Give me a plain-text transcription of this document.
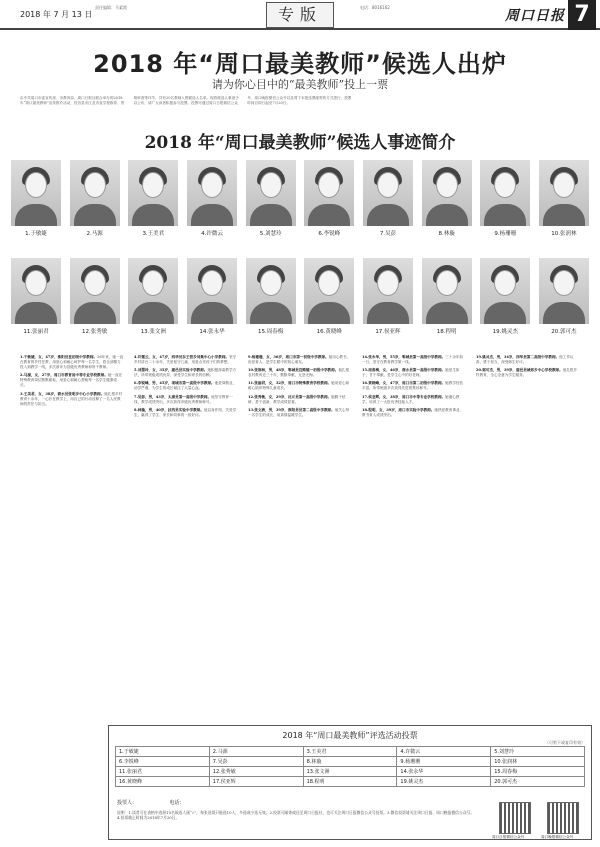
2018 年 7 月 13 日
责任编辑：马素霞	专版	电话：8016162
周口日报 7
2018 年“周口最美教师”候选人出炉
请为你心目中的“最美教师”投上一票
由中共周口市委宣传部、市教育局、周口日报社联合举办的2018年“周口最美教师”宣传推介活动，经各县市区及市直学校推荐、资格审查等环节，共有20名教师入围候选人名单。现将候选人事迹予以公布，请广大读者积极参与投票。投票可通过周口日报微信公众号、周口晚报微信公众号以及剪下本报选票邮寄的方式进行，投票时间自即日起至7月20日。
2018 年“周口最美教师”候选人事迹简介
1.于敏婕	2.马源	3.王美君	4.许微云	5.刘慧玲	6.李锐峰	7.吴彭	8.林璇	9.杨珊珊	10.张润林
11.张丽君	12.张秀敏	13.张文洲	14.张永华	15.周春梅	16.黄晓峰	17.侯亚辉	18.程明	19.姚灵杰	20.郭可杰

1.于敏婕，女，47岁，淮阳县直初级中学教师。26年来，她一直在教育的乡村任教，用爱心和耐心呵护每一名学生，将全部精力投入到教学一线，多次被评为县级优秀教师和骨干教师。

2.马源，女，27岁，周口市教育局中等专业学校教师。她一直在特殊教育岗位默默耕耘，用爱心和耐心帮助每一名学生健康成长。

3.王美君，女，38岁，商水县张明乡中心小学教师。她扎根乡村教育十余年，一心扑在教学上，用自己的行动诠释了一名人民教师的责任与担当。

4.许微云，女，47岁，西华县东王营乡刘集中心小学教师。坚守乡村讲台二十余年，关爱留守儿童，用爱点亮孩子们的梦想。

5.刘慧玲，女，35岁，鹿邑县实验中学教师。她积极探索教学方法，所带班级成绩优异，深受学生和家长的信赖。

6.李锐峰，男，45岁，项城市第一高级中学教师。他爱岗敬业，治学严谨，为学生的成长倾注了大量心血。

7.吴彭，男，43岁，太康县第一高级中学教师。他坚守教育一线，教学成绩突出，多次获得市级优秀教师称号。

8.林璇，男，40岁，扶沟县实验中学教师。他以身作则，关爱学生，赢得了学生、家长和同事的一致好评。

9.杨珊珊，女，36岁，周口市第一初级中学教师。她用心教书，用爱育人，是学生眼中的知心朋友。

10.张润林，男，48岁，郸城县宜路镇一初级中学教师。他扎根农村教育近三十年，默默奉献，无怨无悔。

11.张丽君，女，32岁，周口市特殊教育学校教师。她用爱心和耐心陪伴特殊儿童成长。

12.张秀敏，女，29岁，沈丘县第一高级中学教师。她勤于钻研，善于创新，教学成绩显著。

13.张文洲，男，39岁，淮阳县县第二高级中学教师。他关心每一名学生的成长，用真情温暖学生。

14.张永华，男，55岁，郸城县第一高级中学教师。三十余年如一日，坚守在教育教学第一线。

15.周春梅，女，46岁，商水县第一高级中学教师。她爱生如子，甘于奉献，是学生心中的好老师。

16.黄晓峰，女，47岁，周口市第二初级中学教师。她教学经验丰富，所带班级多次获得先进班集体称号。

17.侯亚辉，女，38岁，周口市中等专业学校教师。她潜心教学，培养了一大批优秀技能人才。

18.程明，女，39岁，周口市实验中学教师。她热爱教育事业，教书育人成绩突出。

19.姚灵杰，男，34岁，西华县第二高级中学教师。他工作认真，勇于担当，深受师生好评。

20.郭可杰，男，39岁，鹿邑县城郊乡中心学校教师。他扎根乡村教育，全心全意为学生服务。

2018 年“周口最美教师”评选活动投票
（可剪下或复印有效）
1.于敏婕	2.马源	3.王美君	4.许微云	5.刘慧玲
6.李锐峰	7.吴彭	8.林璇	9.杨珊珊	10.张润林
11.张丽君	12.张秀敏	13.张文洲	14.张永华	15.周春梅
16.黄晓峰	17.侯亚辉	18.程明	19.姚灵杰	20.郭可杰
投票人：　　　　　　　电话：
说明：1.读者可在表格中选择10名候选人画“√”，每张选票只能选10人，多选或少选无效。2.投票可邮寄或送至周口日报社，也可关注周口日报微信公众号投票。3.微信投票请关注周口日报、周口晚报微信公众号。4.投票截止时间为2018年7月20日。
周口日报微信公众号	周口晚报微信公众号
